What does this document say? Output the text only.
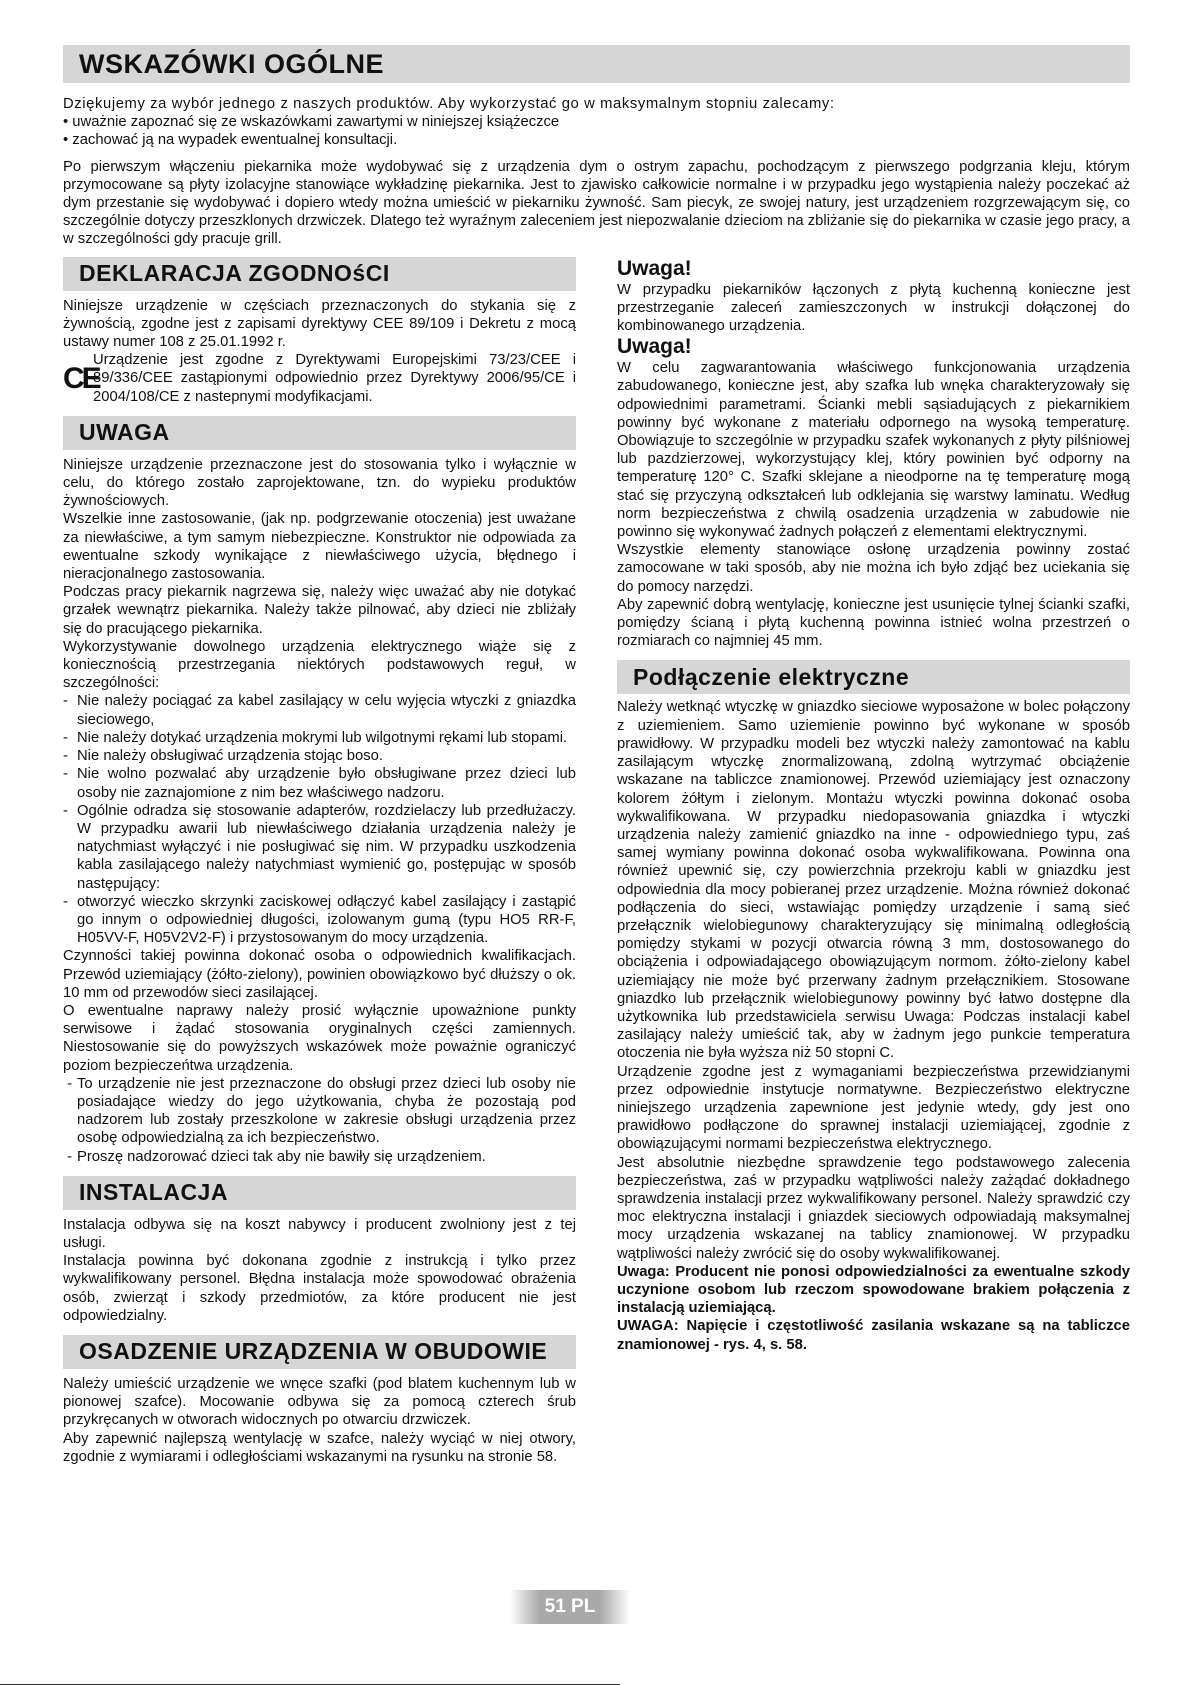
WSKAZÓWKI OGÓLNE

Dziękujemy za wybór jednego z naszych produktów. Aby wykorzystać go w maksymalnym stopniu zalecamy:

• uważnie zapoznać się ze wskazówkami zawartymi w niniejszej książeczce

• zachować ją na wypadek ewentualnej konsultacji.

Po pierwszym włączeniu piekarnika może wydobywać się z urządzenia dym o ostrym zapachu, pochodzącym z pierwszego podgrzania kleju, którym przymocowane są płyty izolacyjne stanowiące wykładzinę piekarnika. Jest to zjawisko całkowicie normalne i w przypadku jego wystąpienia należy poczekać aż dym przestanie się wydobywać i dopiero wtedy można umieścić w piekarniku żywność. Sam piecyk, ze swojej natury, jest urządzeniem rozgrzewającym się, co szczególnie dotyczy przeszklonych drzwiczek. Dlatego też wyraźnym zaleceniem jest niepozwalanie dzieciom na zbliżanie się do piekarnika w czasie jego pracy, a w szczególności gdy pracuje grill.

DEKLARACJA ZGODNOśCI

Niniejsze urządzenie w częściach przeznaczonych do stykania się z żywnością, zgodne jest z zapisami dyrektywy CEE 89/109 i Dekretu z mocą ustawy numer 108 z 25.01.1992 r.

CE

Urządzenie jest zgodne z Dyrektywami Europejskimi 73/23/CEE i 89/336/CEE zastąpionymi odpowiednio przez Dyrektywy 2006/95/CE i 2004/108/CE z nastepnymi modyfikacjami.

UWAGA

Niniejsze urządzenie przeznaczone jest do stosowania tylko i wyłącznie w celu, do którego zostało zaprojektowane, tzn. do wypieku produktów żywnościowych.

Wszelkie inne zastosowanie, (jak np. podgrzewanie otoczenia) jest uważane za niewłaściwe, a tym samym niebezpieczne. Konstruktor nie odpowiada za ewentualne szkody wynikające z niewłaściwego użycia, błędnego i nieracjonalnego zastosowania.

Podczas pracy piekarnik nagrzewa się, należy więc uważać aby nie dotykać grzałek wewnątrz piekarnika. Należy także pilnować, aby dzieci nie zbliżały się do pracującego piekarnika.

Wykorzystywanie dowolnego urządzenia elektrycznego wiąże się z koniecznością przestrzegania niektórych podstawowych reguł, w szczególności:

- Nie należy pociągać za kabel zasilający w celu wyjęcia wtyczki z gniazdka sieciowego,
- Nie należy dotykać urządzenia mokrymi lub wilgotnymi rękami lub stopami.
- Nie należy obsługiwać urządzenia stojąc boso.
- Nie wolno pozwalać aby urządzenie było obsługiwane przez dzieci lub osoby nie zaznajomione z nim bez właściwego nadzoru.
- Ogólnie odradza się stosowanie adapterów, rozdzielaczy lub przedłużaczy. W przypadku awarii lub niewłaściwego działania urządzenia należy je natychmiast wyłączyć i nie posługiwać się nim. W przypadku uszkodzenia kabla zasilającego należy natychmiast wymienić go, postępując w sposób następujący:
- otworzyć wieczko skrzynki zaciskowej odłączyć kabel zasilający i zastąpić go innym o odpowiedniej długości, izolowanym gumą (typu HO5 RR-F, H05VV-F, H05V2V2-F) i przystosowanym do mocy urządzenia.

Czynności takiej powinna dokonać osoba o odpowiednich kwalifikacjach. Przewód uziemiający (żółto-zielony), powinien obowiązkowo być dłuższy o ok. 10 mm od przewodów sieci zasilającej.

O ewentualne naprawy należy prosić wyłącznie upoważnione punkty serwisowe i żądać stosowania oryginalnych części zamiennych. Niestosowanie się do powyższych wskazówek może poważnie ograniczyć poziom bezpieczeńtwa urządzenia.

- To urządzenie nie jest przeznaczone do obsługi przez dzieci lub osoby nie posiadające wiedzy do jego użytkowania, chyba że pozostają pod nadzorem lub zostały przeszkolone w zakresie obsługi urządzenia przez osobę odpowiedzialną za ich bezpieczeństwo.
- Proszę nadzorować dzieci tak aby nie bawiły się urządzeniem.
INSTALACJA

Instalacja odbywa się na koszt nabywcy i producent zwolniony jest z tej usługi.

Instalacja powinna być dokonana zgodnie z instrukcją i tylko przez wykwalifikowany personel. Błędna instalacja może spowodować obrażenia osób, zwierząt i szkody przedmiotów, za które producent nie jest odpowiedzialny.

OSADZENIE URZĄDZENIA W OBUDOWIE

Należy umieścić urządzenie we wnęce szafki (pod blatem kuchennym lub w pionowej szafce). Mocowanie odbywa się za pomocą czterech śrub przykręcanych w otworach widocznych po otwarciu drzwiczek.

Aby zapewnić najlepszą wentylację w szafce, należy wyciąć w niej otwory, zgodnie z wymiarami i odległościami wskazanymi na rysunku na stronie 58.

Uwaga!

W przypadku piekarników łączonych z płytą kuchenną konieczne jest przestrzeganie zaleceń zamieszczonych w instrukcji dołączonej do kombinowanego urządzenia.

Uwaga!

W celu zagwarantowania właściwego funkcjonowania urządzenia zabudowanego, konieczne jest, aby szafka lub wnęka charakteryzowały się odpowiednimi parametrami. Ścianki mebli sąsiadujących z piekarnikiem powinny być wykonane z materiału odpornego na wysoką temperaturę. Obowiązuje to szczególnie w przypadku szafek wykonanych z płyty pilśniowej lub pazdzierzowej, wykorzystujący klej, który powinien być odporny na temperaturę 120° C. Szafki sklejane a nieodporne na tę temperaturę mogą stać się przyczyną odkształceń lub odklejania się warstwy laminatu. Według norm bezpieczeństwa z chwilą osadzenia urządzenia w zabudowie nie powinno się wykonywać żadnych połączeń z elementami elektrycznymi.

Wszystkie elementy stanowiące osłonę urządzenia powinny zostać zamocowane w taki sposób, aby nie można ich było zdjąć bez uciekania się do pomocy narzędzi.

Aby zapewnić dobrą wentylację, konieczne jest usunięcie tylnej ścianki szafki, pomiędzy ścianą i płytą kuchenną powinna istnieć wolna przestrzeń o rozmiarach co najmniej 45 mm.

Podłączenie elektryczne

Należy wetknąć wtyczkę w gniazdko sieciowe wyposażone w bolec połączony z uziemieniem. Samo uziemienie powinno być wykonane w sposób prawidłowy. W przypadku modeli bez wtyczki należy zamontować na kablu zasilającym wtyczkę znormalizowaną, zdolną wytrzymać obciążenie wskazane na tabliczce znamionowej. Przewód uziemiający jest oznaczony kolorem żółtym i zielonym. Montażu wtyczki powinna dokonać osoba wykwalifikowana. W przypadku niedopasowania gniazdka i wtyczki urządzenia należy zamienić gniazdko na inne - odpowiedniego typu, zaś samej wymiany powinna dokonać osoba wykwalifikowana. Powinna ona również upewnić się, czy powierzchnia przekroju kabli w gniazdku jest odpowiednia dla mocy pobieranej przez urządzenie. Można również dokonać podłączenia do sieci, wstawiając pomiędzy urządzenie i samą sieć przełącznik wielobiegunowy charakteryzujący się minimalną odległością pomiędzy stykami w pozycji otwarcia równą 3 mm, dostosowanego do obciążenia i odpowiadającego obowiązującym normom. żółto-zielony kabel uziemiający nie może być przerwany żadnym przełącznikiem. Stosowane gniazdko lub przełącznik wielobiegunowy powinny być łatwo dostępne dla użytkownika lub przedstawiciela serwisu Uwaga: Podczas instalacji kabel zasilający należy umieścić tak, aby w żadnym jego punkcie temperatura otoczenia nie była wyższa niż 50 stopni C.

Urządzenie zgodne jest z wymaganiami bezpieczeństwa przewidzianymi przez odpowiednie instytucje normatywne. Bezpieczeństwo elektryczne niniejszego urządzenia zapewnione jest jedynie wtedy, gdy jest ono prawidłowo podłączone do sprawnej instalacji uziemiającej, zgodnie z obowiązującymi normami bezpieczeństwa elektrycznego.

Jest absolutnie niezbędne sprawdzenie tego podstawowego zalecenia bezpieczeństwa, zaś w przypadku wątpliwości należy zażądać dokładnego sprawdzenia instalacji przez wykwalifikowany personel. Należy sprawdzić czy moc elektryczna instalacji i gniazdek sieciowych odpowiadają maksymalnej mocy urządzenia wskazanej na tablicy znamionowej. W przypadku wątpliwości należy zwrócić się do osoby wykwalifikowanej.

Uwaga: Producent nie ponosi odpowiedzialności za ewentualne szkody uczynione osobom lub rzeczom spowodowane brakiem połączenia z instalacją uziemiającą.

UWAGA: Napięcie i częstotliwość zasilania wskazane są na tabliczce znamionowej - rys. 4, s. 58.

51 PL
